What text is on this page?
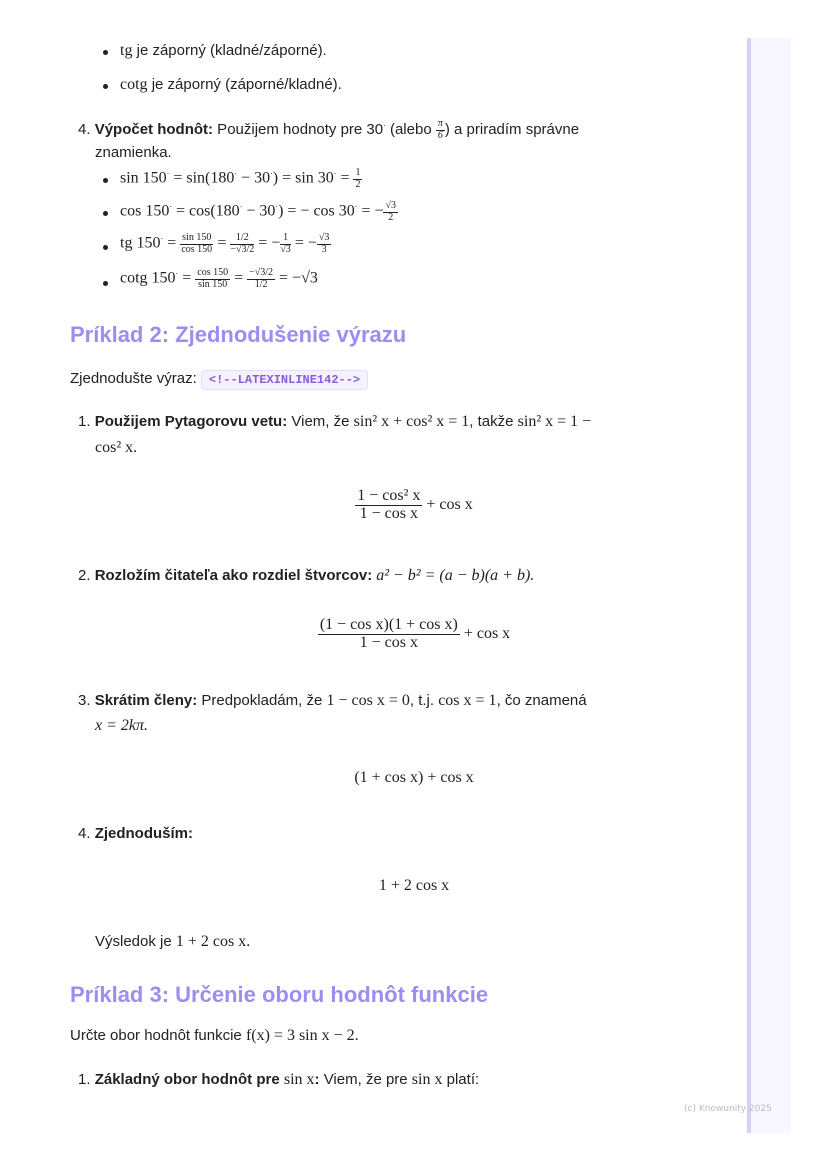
tg je záporný (kladné/záporné).
cotg je záporný (záporné/kladné).
4. Výpočet hodnôt: Použijem hodnoty pre 30· (alebo $\frac{\pi}{6}$ ) a priradím správne
znamienka.
$\sin 150^\cdot = \sin(180^\cdot - 30^\cdot) = \sin 30^\cdot = \frac{1}{2}$
cos 150· = cos(180· − 30·) = − cos 30· = − $\frac{√3}{2}$
tg $150^\cdot = \frac{\sin 150}{\cos 150} = \frac{1/2}{-√3/2}$ = − $\frac{1}{√3}$ = − $\frac{√3}{3}$
cotg $150^\cdot = \frac{\cos 150}{\sin 150} = \frac{-√3/2}{1/2} = -√3$
Príklad 2: Zjednodušenie výrazu
Zjednodušte výraz: <!--LATEXINLINE142-->
1. Použijem Pytagorovu vetu: Viem, že sin² x + cos² x = 1, takže sin² x = 1 −
cos² x.
$\frac{\text{1 − cos² x}}{\text{1 − cos x}} + \cos x$
2. Rozložím čitateľa ako rozdiel štvorcov: a² − b² = (a − b)(a + b).
$\frac{\text{(1 − cos x)(1 + cos x)}}{\text{1 − cos x}} + \cos x$
3. Skrátim členy: Predpokladám, že 1 − cos x = 0, t.j. cos x = 1, čo znamená
x = 2kπ.
(1 + cos x) + cos x
4. Zjednoduším:
1 + 2 cos x
Výsledok je 1 + 2 cos x.
Príklad 3: Určenie oboru hodnôt funkcie
Určte obor hodnôt funkcie f(x) = 3 sin x − 2.
1. Základný obor hodnôt pre sin x: Viem, že pre sin x platí:
(c) Knowunity 2025
